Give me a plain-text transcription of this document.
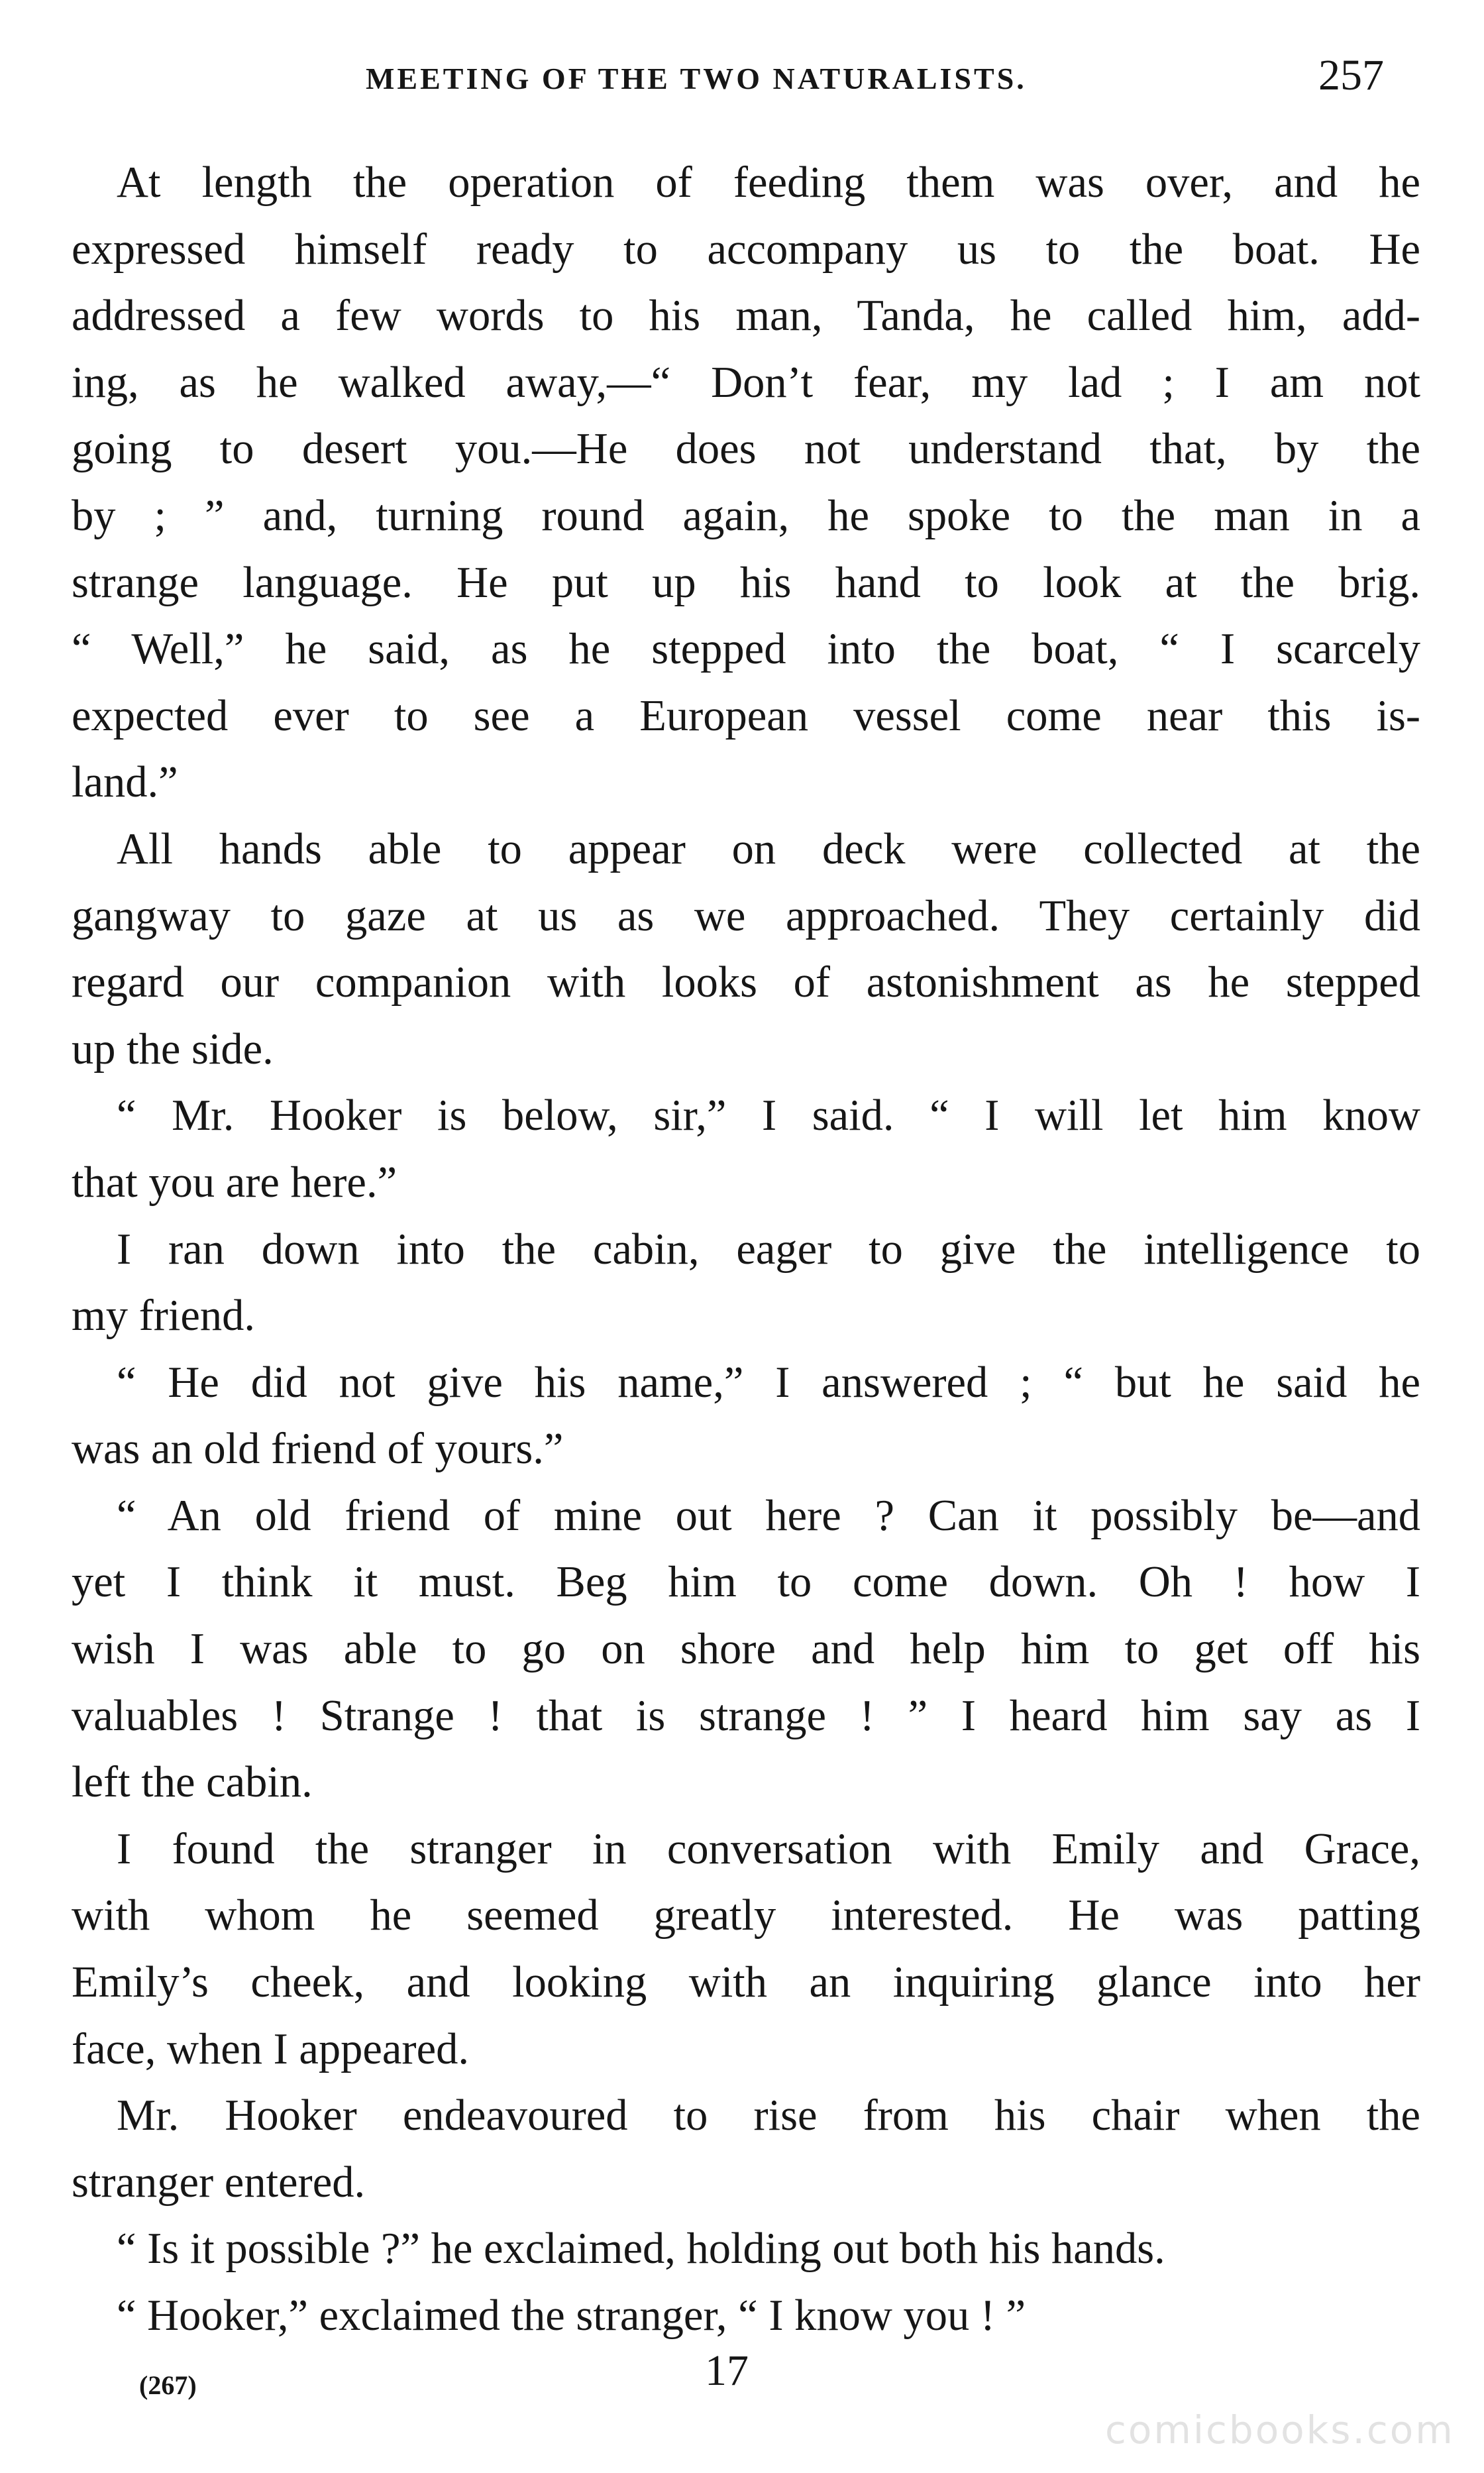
MEETING OF THE TWO NATURALISTS.	257
At length the operation of feeding them was over, and he
expressed himself ready to accompany us to the boat. He
addressed a few words to his man, Tanda, he called him, add-
ing, as he walked away,—“ Don’t fear, my lad ; I am not
going to desert you.—He does not understand that, by the
by ; ” and, turning round again, he spoke to the man in a
strange language. He put up his hand to look at the brig.
“ Well,” he said, as he stepped into the boat, “ I scarcely
expected ever to see a European vessel come near this is-
land.”
All hands able to appear on deck were collected at the
gangway to gaze at us as we approached. They certainly did
regard our companion with looks of astonishment as he stepped
up the side.
“ Mr. Hooker is below, sir,” I said. “ I will let him know
that you are here.”
I ran down into the cabin, eager to give the intelligence to
my friend.
“ He did not give his name,” I answered ; “ but he said he
was an old friend of yours.”
“ An old friend of mine out here ? Can it possibly be—and
yet I think it must. Beg him to come down. Oh ! how I
wish I was able to go on shore and help him to get off his
valuables ! Strange ! that is strange ! ” I heard him say as I
left the cabin.
I found the stranger in conversation with Emily and Grace,
with whom he seemed greatly interested. He was patting
Emily’s cheek, and looking with an inquiring glance into her
face, when I appeared.
Mr. Hooker endeavoured to rise from his chair when the
stranger entered.
“ Is it possible ?” he exclaimed, holding out both his hands.
“ Hooker,” exclaimed the stranger, “ I know you ! ”
(267)	17
comicbooks.com
